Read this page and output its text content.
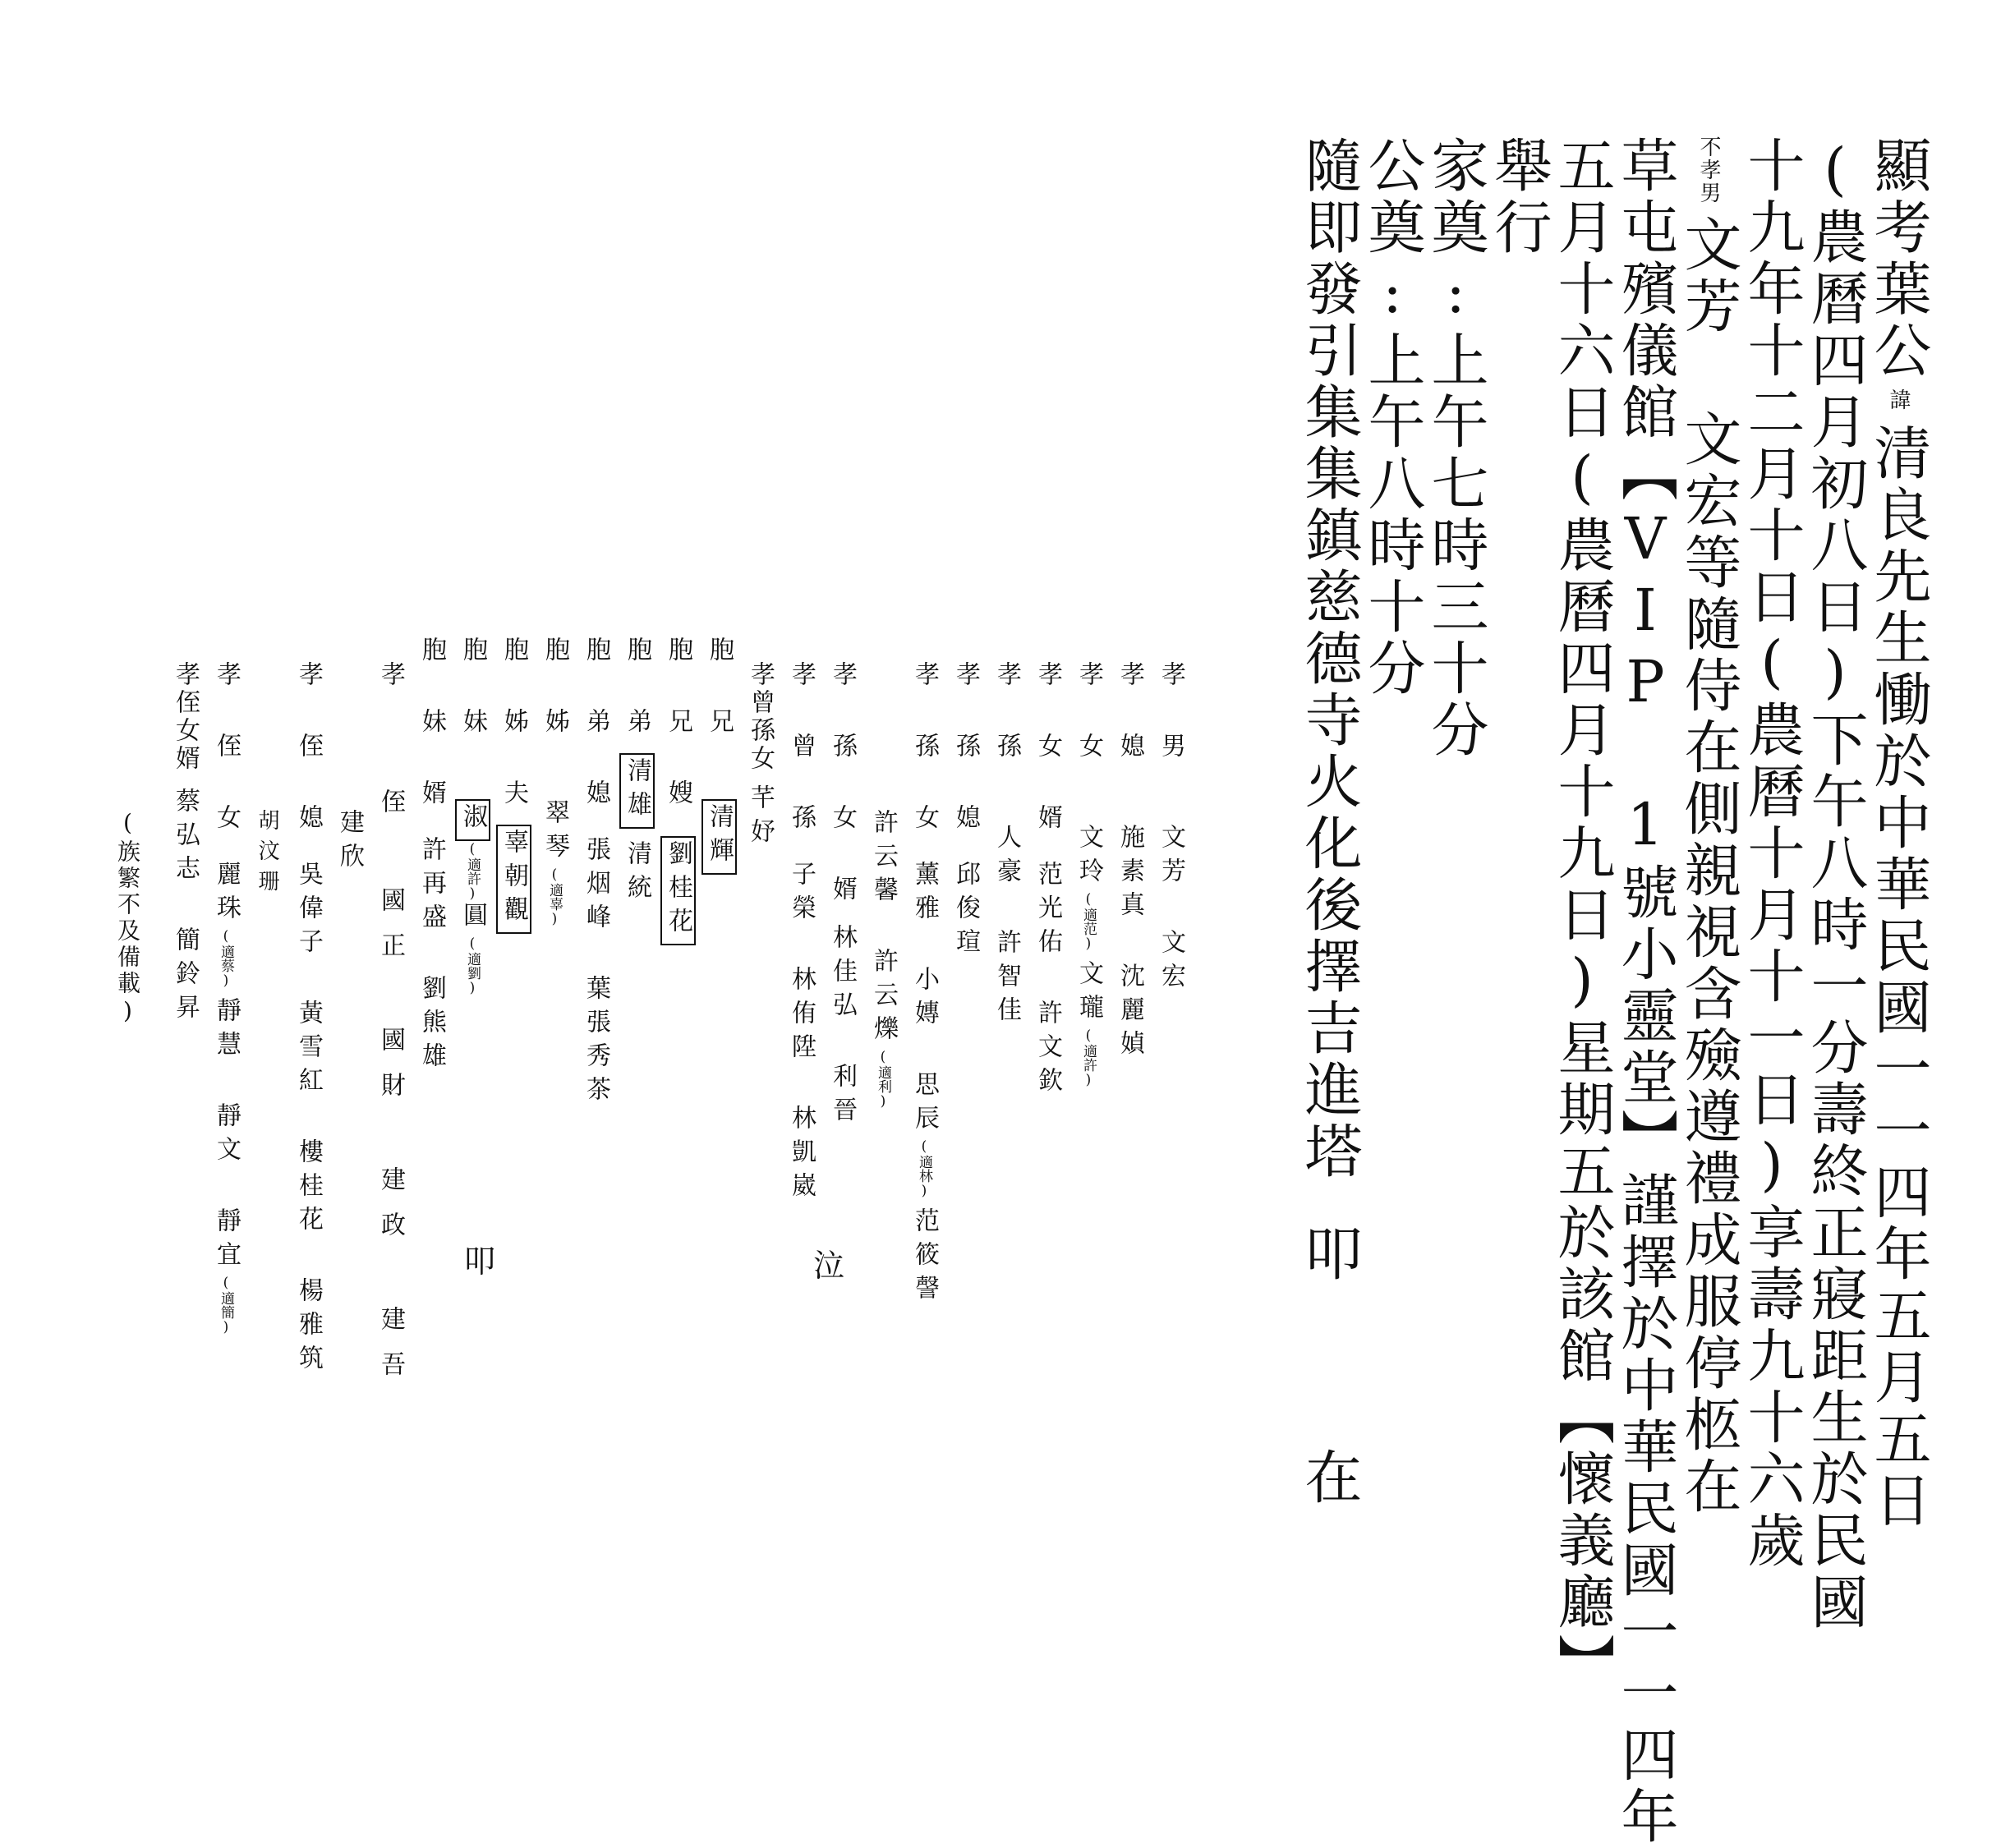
顯考葉公諱清良先生慟於中華民國一一四年五月五日
(農曆四月初八日)下午八時一分壽終正寢距生於民國
十九年十二月十日(農曆十月十一日)享壽九十六歲
不孝男文芳 文宏等隨侍在側親視含殮遵禮成服停柩在
草屯殯儀館【VIP 1號小靈堂】謹擇於中華民國一一四年
五月十六日(農曆四月十九日)星期五於該館【懷義廳】
舉行
家奠:上午七時三十分
公奠:上午八時十分
隨即發引集集鎮慈德寺火化後擇吉進塔叩 在
孝 男文芳 文宏
孝 媳施素真 沈麗媜
孝 女文玲(適范)文瓏(適許)
孝 女 婿范光佑 許文欽
孝 孫人豪 許智佳
孝 孫 媳邱俊瑄
孝 孫 女薰雅 小嫥 思辰(適林)范筱謦
許云馨 許云爍(適利)
孝 孫 女 婿林佳弘 利晉
孝 曾 孫子榮 林侑陞 林凱崴
孝曾孫女芊妤
胞 兄清輝
胞 兄 嫂劉桂花
胞 弟清雄清統
胞 弟 媳張烟峰 葉張秀茶
胞 姊翠琴(適辜)
胞 姊 夫辜朝觀
胞 妹淑(適許)圓(適劉)
胞 妹 婿許再盛 劉熊雄
孝 侄國正 國財 建政 建吾
建欣
胡汶珊
孝 侄 媳吳偉子 黃雪紅 樓桂花 楊雅筑
孝 侄 女麗珠(適蔡)靜慧 靜文 靜宜(適簡)
孝侄女婿蔡弘志 簡鈴昇
(族繁不及備載)
泣
叩
